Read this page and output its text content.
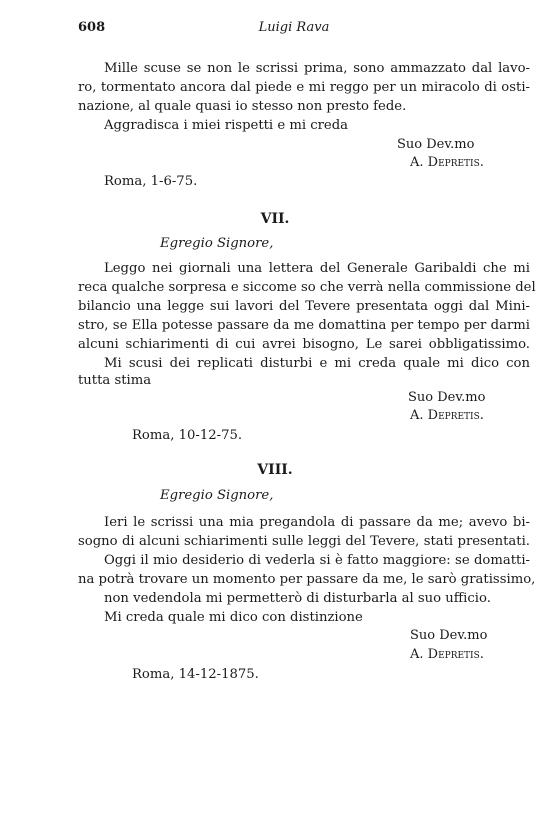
608	Luigi Rava
Mille scuse se non le scrissi prima, sono ammazzato dal lavo-
ro, tormentato ancora dal piede e mi reggo per un miracolo di osti-
nazione, al quale quasi io stesso non presto fede.
Aggradisca i miei rispetti e mi creda
Suo Dev.mo
A. Depretis.
Roma, 1-6-75.
VII.
Egregio Signore,
Leggo nei giornali una lettera del Generale Garibaldi che mi
reca qualche sorpresa e siccome so che verrà nella commissione del
bilancio una legge sui lavori del Tevere presentata oggi dal Mini-
stro, se Ella potesse passare da me domattina per tempo per darmi
alcuni schiarimenti di cui avrei bisogno, Le sarei obbligatissimo.
Mi scusi dei replicati disturbi e mi creda quale mi dico con
tutta stima
Suo Dev.mo
A. Depretis.
Roma, 10-12-75.
VIII.
Egregio Signore,
Ieri le scrissi una mia pregandola di passare da me; avevo bi-
sogno di alcuni schiarimenti sulle leggi del Tevere, stati presentati.
Oggi il mio desiderio di vederla si è fatto maggiore: se domatti-
na potrà trovare un momento per passare da me, le sarò gratissimo,
non vedendola mi permetterò di disturbarla al suo ufficio.
Mi creda quale mi dico con distinzione
Suo Dev.mo
A. Depretis.
Roma, 14-12-1875.
